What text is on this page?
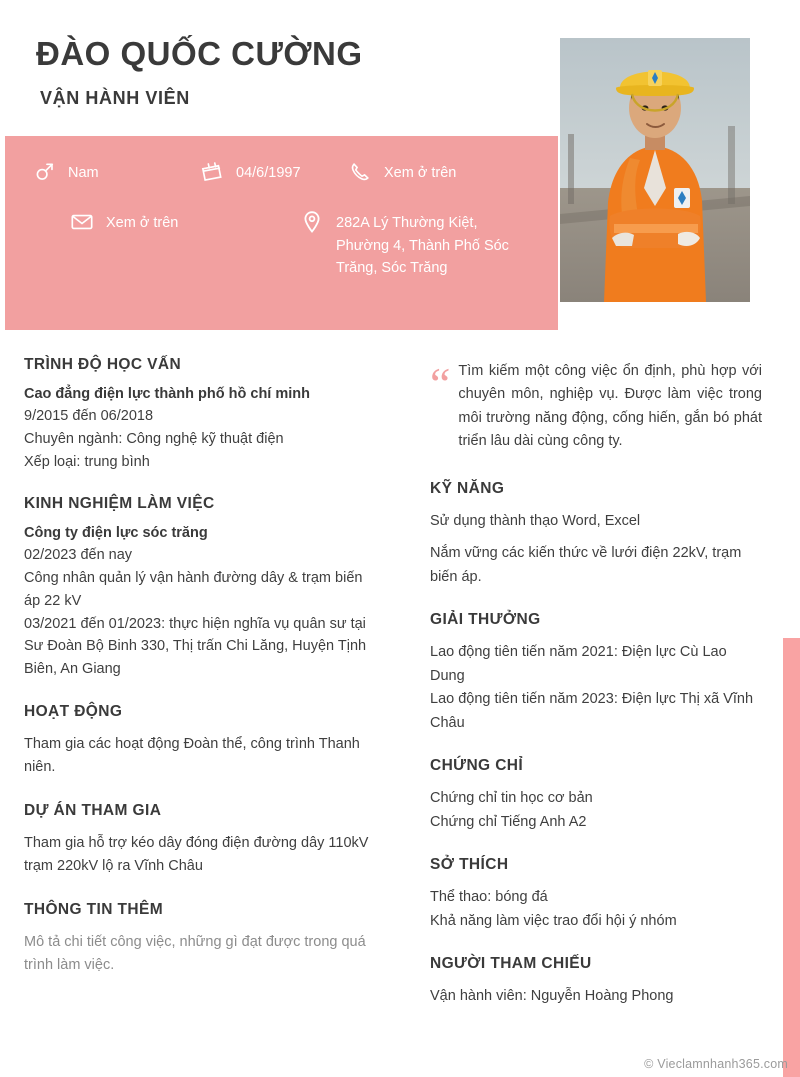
ĐÀO QUỐC CƯỜNG
VẬN HÀNH VIÊN
Nam	04/6/1997	Xem ở trên
Xem ở trên	282A Lý Thường Kiệt, Phường 4, Thành Phố Sóc Trăng, Sóc Trăng
TRÌNH ĐỘ HỌC VẤN
Cao đẳng điện lực thành phố hồ chí minh
9/2015 đến 06/2018
Chuyên ngành: Công nghệ kỹ thuật điện
Xếp loại: trung bình
KINH NGHIỆM LÀM VIỆC
Công ty điện lực sóc trăng
02/2023 đến nay
Công nhân quản lý vận hành đường dây & trạm biến áp 22 kV
03/2021 đến 01/2023: thực hiện nghĩa vụ quân sư tại Sư Đoàn Bộ Binh 330, Thị trấn Chi Lăng, Huyện Tịnh Biên, An Giang
HOẠT ĐỘNG
Tham gia các hoạt động Đoàn thể, công trình Thanh niên.
DỰ ÁN THAM GIA
Tham gia hỗ trợ kéo dây đóng điện đường dây 110kV trạm 220kV lộ ra Vĩnh Châu
THÔNG TIN THÊM
Mô tả chi tiết công việc, những gì đạt được trong quá trình làm việc.
“ Tìm kiếm một công việc ổn định, phù hợp với chuyên môn, nghiệp vụ. Được làm việc trong môi trường năng động, cống hiến, gắn bó phát triển lâu dài cùng công ty.
KỸ NĂNG
Sử dụng thành thạo Word, Excel
Nắm vững các kiến thức về lưới điện 22kV, trạm biến áp.
GIẢI THƯỞNG
Lao động tiên tiến năm 2021: Điện lực Cù Lao Dung
Lao động tiên tiến năm 2023: Điện lực Thị xã Vĩnh Châu
CHỨNG CHỈ
Chứng chỉ tin học cơ bản
Chứng chỉ Tiếng Anh A2
SỞ THÍCH
Thể thao: bóng đá
Khả năng làm việc trao đổi hội ý nhóm
NGƯỜI THAM CHIẾU
Vận hành viên: Nguyễn Hoàng Phong
© Vieclamnhanh365.com
